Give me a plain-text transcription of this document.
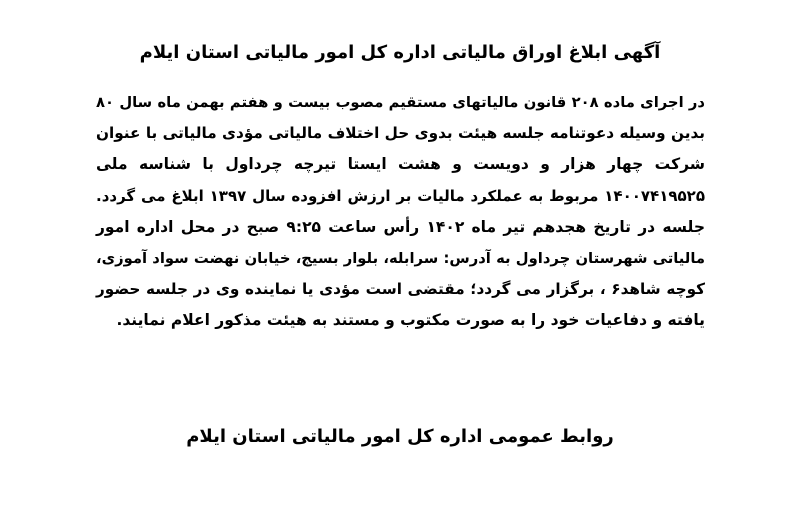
آگهی ابلاغ اوراق مالیاتی اداره کل امور مالیاتی استان ایلام

در اجرای ماده ۲۰۸ قانون مالیاتهای مستقیم مصوب بیست و هفتم بهمن ماه سال ۸۰
بدین وسیله دعوتنامه جلسه هیئت بدوی حل اختلاف مالیاتی مؤدی مالیاتی با عنوان
شرکت چهار هزار و دویست و هشت ایستا تیرچه چرداول با شناسه ملی
۱۴۰۰۷۴۱۹۵۲۵ مربوط به عملکرد مالیات بر ارزش افزوده سال ۱۳۹۷ ابلاغ می گردد.
جلسه در تاریخ هجدهم تیر ماه ۱۴۰۲ رأس ساعت ۹:۲۵ صبح در محل اداره امور
مالیاتی شهرستان چرداول به آدرس: سرابله، بلوار بسیج، خیابان نهضت سواد آموزی،
کوچه شاهد۶ ، برگزار می گردد؛ مقتضی است مؤدی یا نماینده وی در جلسه حضور
یافته و دفاعیات خود را به صورت مکتوب و مستند به هیئت مذکور اعلام نمایند.

روابط عمومی اداره کل امور مالیاتی استان ایلام
